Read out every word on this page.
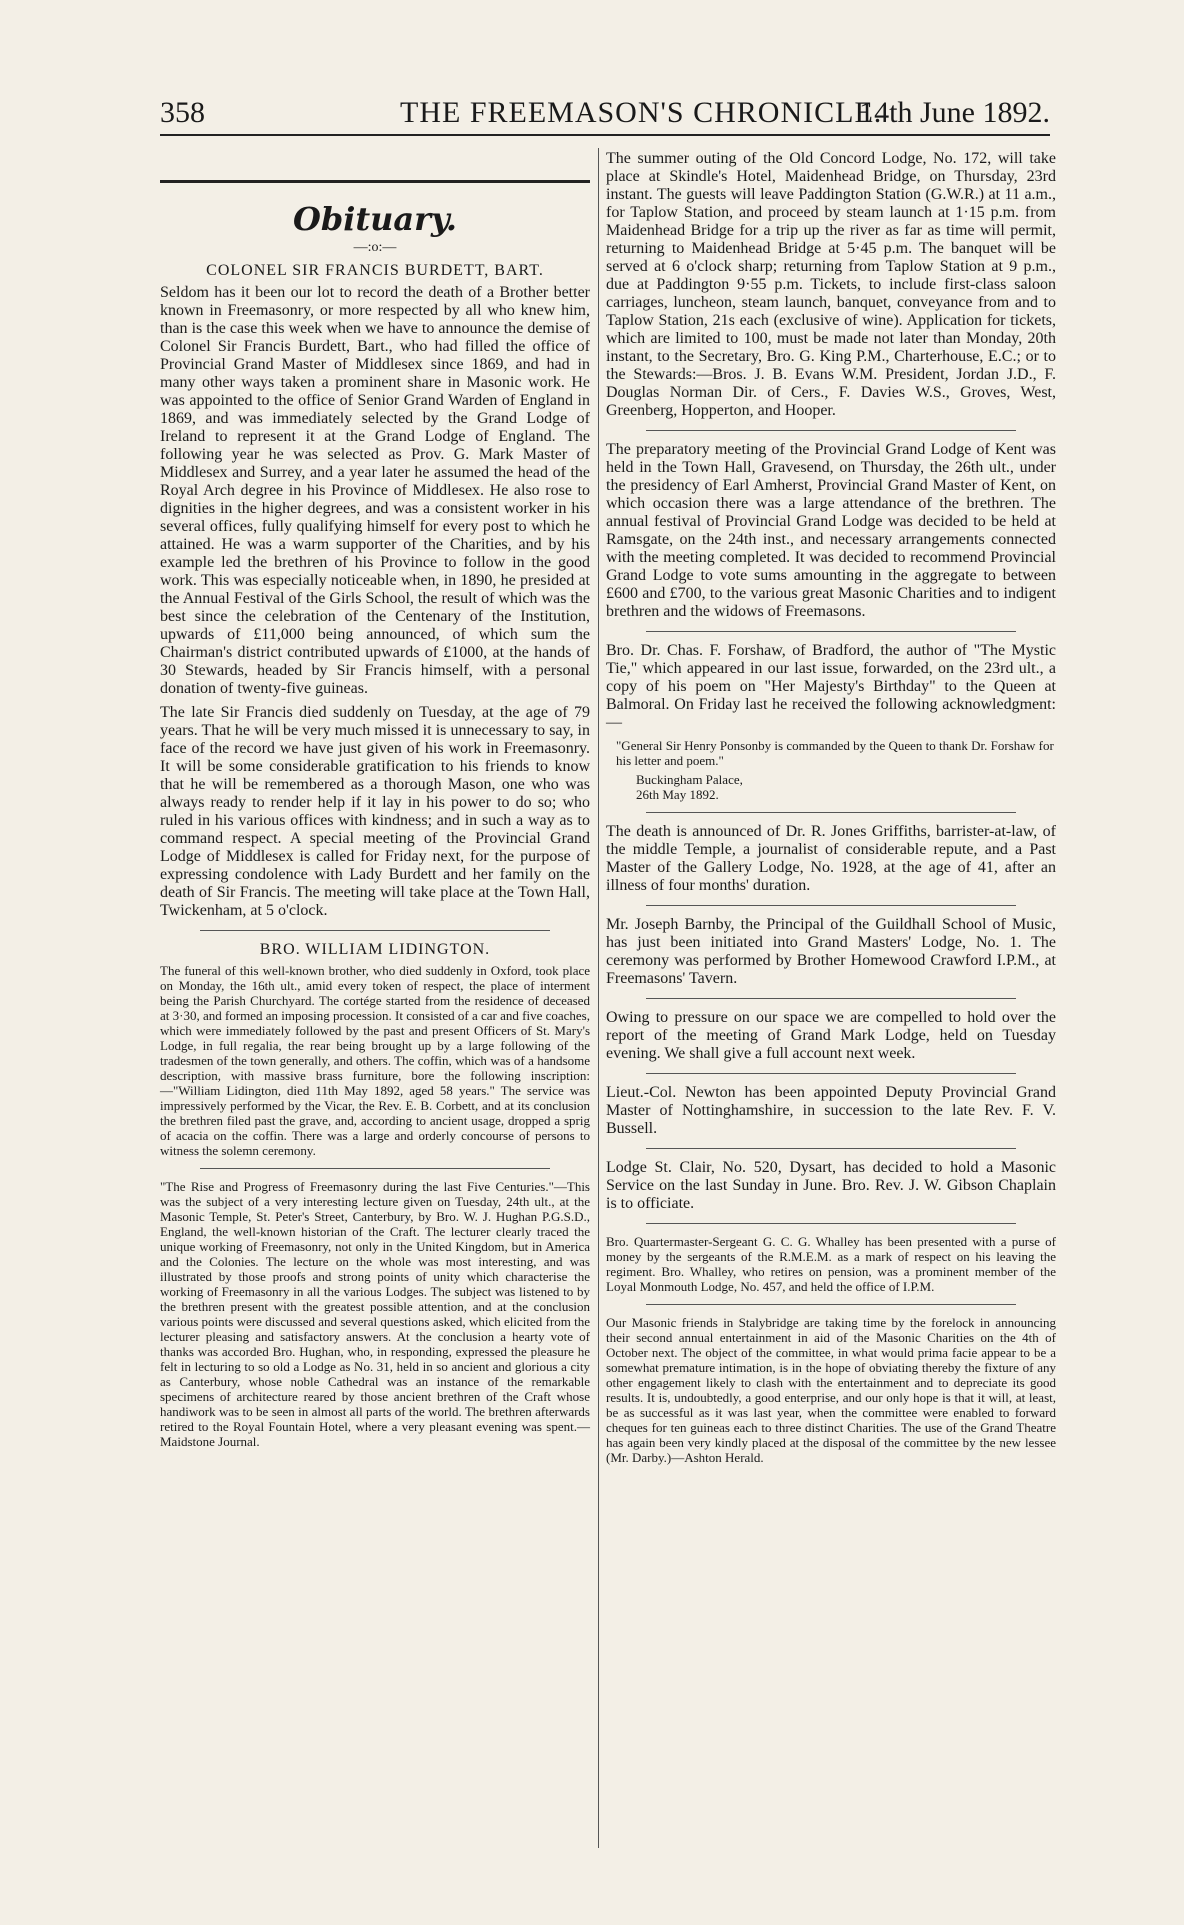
358	THE FREEMASON'S CHRONICLE.
14th June 1892.
Obituary.
—:o:—
COLONEL SIR FRANCIS BURDETT, BART.

Seldom has it been our lot to record the death of a Brother better known in Freemasonry, or more respected by all who knew him, than is the case this week when we have to announce the demise of Colonel Sir Francis Burdett, Bart., who had filled the office of Provincial Grand Master of Middlesex since 1869, and had in many other ways taken a prominent share in Masonic work. He was appointed to the office of Senior Grand Warden of England in 1869, and was immediately selected by the Grand Lodge of Ireland to represent it at the Grand Lodge of England. The following year he was selected as Prov. G. Mark Master of Middlesex and Surrey, and a year later he assumed the head of the Royal Arch degree in his Province of Middlesex. He also rose to dignities in the higher degrees, and was a consistent worker in his several offices, fully qualifying himself for every post to which he attained. He was a warm supporter of the Charities, and by his example led the brethren of his Province to follow in the good work. This was especially noticeable when, in 1890, he presided at the Annual Festival of the Girls School, the result of which was the best since the celebration of the Centenary of the Institution, upwards of £11,000 being announced, of which sum the Chairman's district contributed upwards of £1000, at the hands of 30 Stewards, headed by Sir Francis himself, with a personal donation of twenty-five guineas.

The late Sir Francis died suddenly on Tuesday, at the age of 79 years. That he will be very much missed it is unnecessary to say, in face of the record we have just given of his work in Freemasonry. It will be some considerable gratification to his friends to know that he will be remembered as a thorough Mason, one who was always ready to render help if it lay in his power to do so; who ruled in his various offices with kindness; and in such a way as to command respect. A special meeting of the Provincial Grand Lodge of Middlesex is called for Friday next, for the purpose of expressing condolence with Lady Burdett and her family on the death of Sir Francis. The meeting will take place at the Town Hall, Twickenham, at 5 o'clock.

BRO. WILLIAM LIDINGTON.

The funeral of this well-known brother, who died suddenly in Oxford, took place on Monday, the 16th ult., amid every token of respect, the place of interment being the Parish Churchyard. The cortége started from the residence of deceased at 3·30, and formed an imposing procession. It consisted of a car and five coaches, which were immediately followed by the past and present Officers of St. Mary's Lodge, in full regalia, the rear being brought up by a large following of the tradesmen of the town generally, and others. The coffin, which was of a handsome description, with massive brass furniture, bore the following inscription:—"William Lidington, died 11th May 1892, aged 58 years." The service was impressively performed by the Vicar, the Rev. E. B. Corbett, and at its conclusion the brethren filed past the grave, and, according to ancient usage, dropped a sprig of acacia on the coffin. There was a large and orderly concourse of persons to witness the solemn ceremony.

"The Rise and Progress of Freemasonry during the last Five Centuries."—This was the subject of a very interesting lecture given on Tuesday, 24th ult., at the Masonic Temple, St. Peter's Street, Canterbury, by Bro. W. J. Hughan P.G.S.D., England, the well-known historian of the Craft. The lecturer clearly traced the unique working of Freemasonry, not only in the United Kingdom, but in America and the Colonies. The lecture on the whole was most interesting, and was illustrated by those proofs and strong points of unity which characterise the working of Freemasonry in all the various Lodges. The subject was listened to by the brethren present with the greatest possible attention, and at the conclusion various points were discussed and several questions asked, which elicited from the lecturer pleasing and satisfactory answers. At the conclusion a hearty vote of thanks was accorded Bro. Hughan, who, in responding, expressed the pleasure he felt in lecturing to so old a Lodge as No. 31, held in so ancient and glorious a city as Canterbury, whose noble Cathedral was an instance of the remarkable specimens of architecture reared by those ancient brethren of the Craft whose handiwork was to be seen in almost all parts of the world. The brethren afterwards retired to the Royal Fountain Hotel, where a very pleasant evening was spent.—Maidstone Journal.

The summer outing of the Old Concord Lodge, No. 172, will take place at Skindle's Hotel, Maidenhead Bridge, on Thursday, 23rd instant. The guests will leave Paddington Station (G.W.R.) at 11 a.m., for Taplow Station, and proceed by steam launch at 1·15 p.m. from Maidenhead Bridge for a trip up the river as far as time will permit, returning to Maidenhead Bridge at 5·45 p.m. The banquet will be served at 6 o'clock sharp; returning from Taplow Station at 9 p.m., due at Paddington 9·55 p.m. Tickets, to include first-class saloon carriages, luncheon, steam launch, banquet, conveyance from and to Taplow Station, 21s each (exclusive of wine). Application for tickets, which are limited to 100, must be made not later than Monday, 20th instant, to the Secretary, Bro. G. King P.M., Charterhouse, E.C.; or to the Stewards:—Bros. J. B. Evans W.M. President, Jordan J.D., F. Douglas Norman Dir. of Cers., F. Davies W.S., Groves, West, Greenberg, Hopperton, and Hooper.

The preparatory meeting of the Provincial Grand Lodge of Kent was held in the Town Hall, Gravesend, on Thursday, the 26th ult., under the presidency of Earl Amherst, Provincial Grand Master of Kent, on which occasion there was a large attendance of the brethren. The annual festival of Provincial Grand Lodge was decided to be held at Ramsgate, on the 24th inst., and necessary arrangements connected with the meeting completed. It was decided to recommend Provincial Grand Lodge to vote sums amounting in the aggregate to between £600 and £700, to the various great Masonic Charities and to indigent brethren and the widows of Freemasons.

Bro. Dr. Chas. F. Forshaw, of Bradford, the author of "The Mystic Tie," which appeared in our last issue, forwarded, on the 23rd ult., a copy of his poem on "Her Majesty's Birthday" to the Queen at Balmoral. On Friday last he received the following acknowledgment:—

"General Sir Henry Ponsonby is commanded by the Queen to thank Dr. Forshaw for his letter and poem."
Buckingham Palace,
26th May 1892.

The death is announced of Dr. R. Jones Griffiths, barrister-at-law, of the middle Temple, a journalist of considerable repute, and a Past Master of the Gallery Lodge, No. 1928, at the age of 41, after an illness of four months' duration.

Mr. Joseph Barnby, the Principal of the Guildhall School of Music, has just been initiated into Grand Masters' Lodge, No. 1. The ceremony was performed by Brother Homewood Crawford I.P.M., at Freemasons' Tavern.

Owing to pressure on our space we are compelled to hold over the report of the meeting of Grand Mark Lodge, held on Tuesday evening. We shall give a full account next week.

Lieut.-Col. Newton has been appointed Deputy Provincial Grand Master of Nottinghamshire, in succession to the late Rev. F. V. Bussell.

Lodge St. Clair, No. 520, Dysart, has decided to hold a Masonic Service on the last Sunday in June. Bro. Rev. J. W. Gibson Chaplain is to officiate.

Bro. Quartermaster-Sergeant G. C. G. Whalley has been presented with a purse of money by the sergeants of the R.M.E.M. as a mark of respect on his leaving the regiment. Bro. Whalley, who retires on pension, was a prominent member of the Loyal Monmouth Lodge, No. 457, and held the office of I.P.M.

Our Masonic friends in Stalybridge are taking time by the forelock in announcing their second annual entertainment in aid of the Masonic Charities on the 4th of October next. The object of the committee, in what would prima facie appear to be a somewhat premature intimation, is in the hope of obviating thereby the fixture of any other engagement likely to clash with the entertainment and to depreciate its good results. It is, undoubtedly, a good enterprise, and our only hope is that it will, at least, be as successful as it was last year, when the committee were enabled to forward cheques for ten guineas each to three distinct Charities. The use of the Grand Theatre has again been very kindly placed at the disposal of the committee by the new lessee (Mr. Darby.)—Ashton Herald.
